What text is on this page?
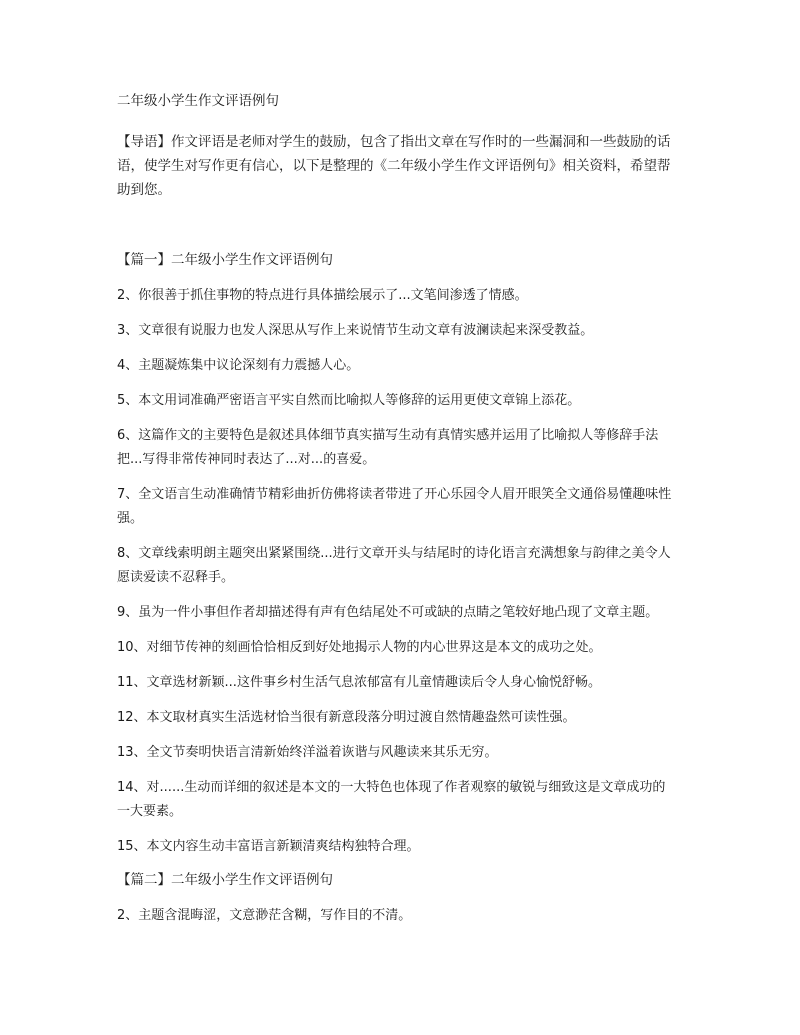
二年级小学生作文评语例句

【导语】作文评语是老师对学生的鼓励，包含了指出文章在写作时的一些漏洞和一些鼓励的话语，使学生对写作更有信心，以下是整理的《二年级小学生作文评语例句》相关资料，希望帮助到您。

【篇一】二年级小学生作文评语例句

2、你很善于抓住事物的特点进行具体描绘展示了...文笔间渗透了情感。

3、文章很有说服力也发人深思从写作上来说情节生动文章有波澜读起来深受教益。

4、主题凝炼集中议论深刻有力震撼人心。

5、本文用词准确严密语言平实自然而比喻拟人等修辞的运用更使文章锦上添花。

6、这篇作文的主要特色是叙述具体细节真实描写生动有真情实感并运用了比喻拟人等修辞手法把...写得非常传神同时表达了...对...的喜爱。

7、全文语言生动准确情节精彩曲折仿佛将读者带进了开心乐园令人眉开眼笑全文通俗易懂趣味性强。

8、文章线索明朗主题突出紧紧围绕...进行文章开头与结尾时的诗化语言充满想象与韵律之美令人愿读爱读不忍释手。

9、虽为一件小事但作者却描述得有声有色结尾处不可或缺的点睛之笔较好地凸现了文章主题。

10、对细节传神的刻画恰恰相反到好处地揭示人物的内心世界这是本文的成功之处。

11、文章选材新颖...这件事乡村生活气息浓郁富有儿童情趣读后令人身心愉悦舒畅。

12、本文取材真实生活选材恰当很有新意段落分明过渡自然情趣盎然可读性强。

13、全文节奏明快语言清新始终洋溢着诙谐与风趣读来其乐无穷。

14、对......生动而详细的叙述是本文的一大特色也体现了作者观察的敏锐与细致这是文章成功的一大要素。

15、本文内容生动丰富语言新颖清爽结构独特合理。

【篇二】二年级小学生作文评语例句

2、主题含混晦涩，文意渺茫含糊，写作目的不清。
